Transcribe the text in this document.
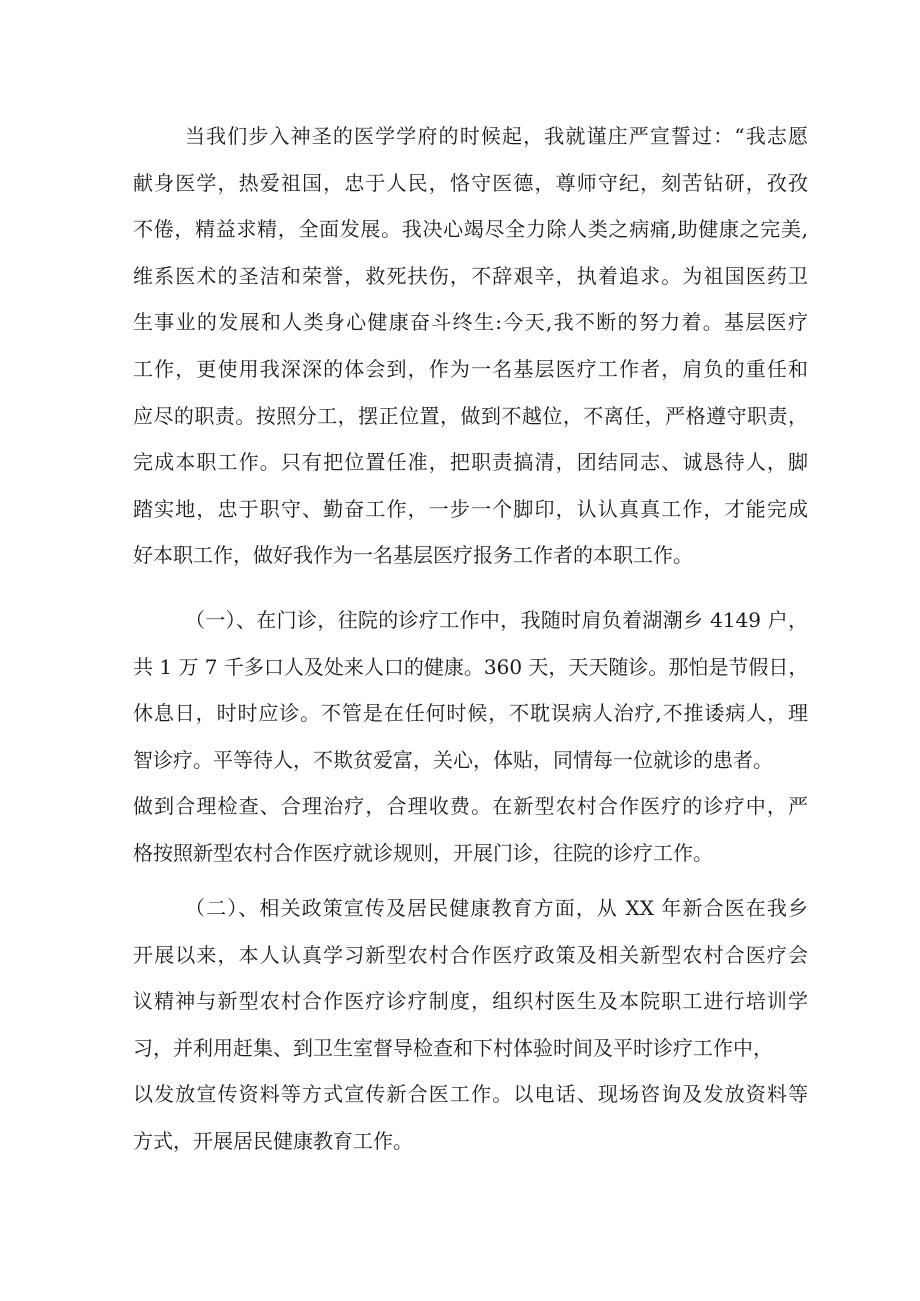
当我们步入神圣的医学学府的时候起，我就谨庄严宣誓过：“我志愿
献身医学，热爱祖国，忠于人民，恪守医德，尊师守纪，刻苦钻研，孜孜
不倦，精益求精，全面发展。我决心竭尽全力除人类之病痛,助健康之完美,
维系医术的圣洁和荣誉，救死扶伤，不辞艰辛，执着追求。为祖国医药卫
生事业的发展和人类身心健康奋斗终生:今天,我不断的努力着。基层医疗
工作，更使用我深深的体会到，作为一名基层医疗工作者，肩负的重任和
应尽的职责。按照分工，摆正位置，做到不越位，不离任，严格遵守职责，
完成本职工作。只有把位置任准，把职责搞清，团结同志、诚恳待人，脚
踏实地，忠于职守、勤奋工作，一步一个脚印，认认真真工作，才能完成
好本职工作，做好我作为一名基层医疗报务工作者的本职工作。
（一）、在门诊，往院的诊疗工作中，我随时肩负着湖潮乡 4149 户，
共 1 万 7 千多口人及处来人口的健康。360 天，天天随诊。那怕是节假日，
休息日，时时应诊。不管是在任何时候，不耽误病人治疗,不推诿病人，理
智诊疗。平等待人，不欺贫爱富，关心，体贴，同情每一位就诊的患者。
做到合理检查、合理治疗，合理收费。在新型农村合作医疗的诊疗中，严
格按照新型农村合作医疗就诊规则，开展门诊，往院的诊疗工作。
（二）、相关政策宣传及居民健康教育方面，从 XX 年新合医在我乡
开展以来，本人认真学习新型农村合作医疗政策及相关新型农村合医疗会
议精神与新型农村合作医疗诊疗制度，组织村医生及本院职工进行培训学
习，并利用赶集、到卫生室督导检查和下村体验时间及平时诊疗工作中，
以发放宣传资料等方式宣传新合医工作。以电话、现场咨询及发放资料等
方式，开展居民健康教育工作。
